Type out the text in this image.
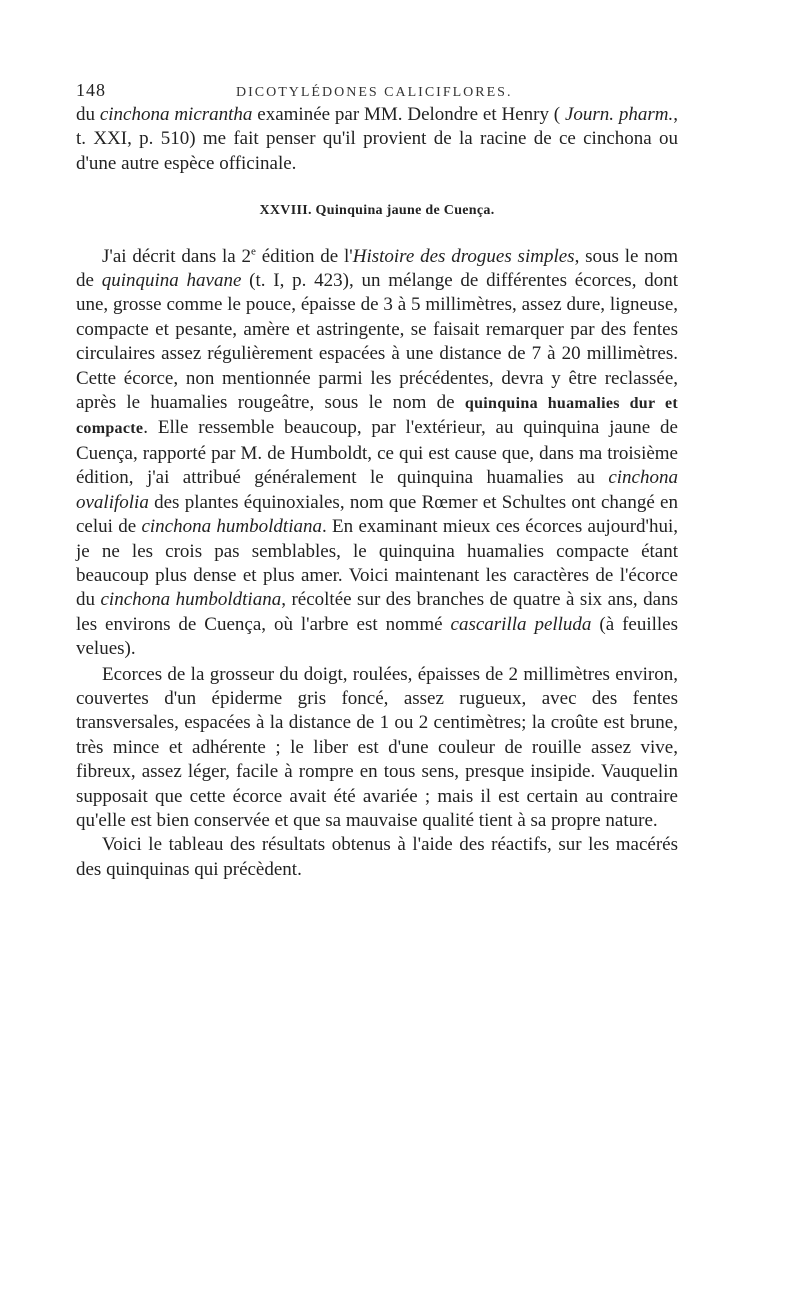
148	DICOTYLÉDONES CALICIFLORES.

du cinchona micrantha examinée par MM. Delondre et Henry ( Journ. pharm., t. XXI, p. 510) me fait penser qu'il provient de la racine de ce cinchona ou d'une autre espèce officinale.

XXVIII. Quinquina jaune de Cuença.

J'ai décrit dans la 2e édition de l'Histoire des drogues simples, sous le nom de quinquina havane (t. I, p. 423), un mélange de différentes écorces, dont une, grosse comme le pouce, épaisse de 3 à 5 millimètres, assez dure, ligneuse, compacte et pesante, amère et astringente, se faisait remarquer par des fentes circulaires assez régulièrement espacées à une distance de 7 à 20 millimètres. Cette écorce, non mentionnée parmi les précédentes, devra y être reclassée, après le huamalies rougeâtre, sous le nom de quinquina huamalies dur et compacte. Elle ressemble beaucoup, par l'extérieur, au quinquina jaune de Cuença, rapporté par M. de Humboldt, ce qui est cause que, dans ma troisième édition, j'ai attribué généralement le quinquina huamalies au cinchona ovalifolia des plantes équinoxiales, nom que Rœmer et Schultes ont changé en celui de cinchona humboldtiana. En examinant mieux ces écorces aujourd'hui, je ne les crois pas semblables, le quinquina huamalies compacte étant beaucoup plus dense et plus amer. Voici maintenant les caractères de l'écorce du cinchona humboldtiana, récoltée sur des branches de quatre à six ans, dans les environs de Cuença, où l'arbre est nommé cascarilla pelluda (à feuilles velues).

Ecorces de la grosseur du doigt, roulées, épaisses de 2 millimètres environ, couvertes d'un épiderme gris foncé, assez rugueux, avec des fentes transversales, espacées à la distance de 1 ou 2 centimètres; la croûte est brune, très mince et adhérente ; le liber est d'une couleur de rouille assez vive, fibreux, assez léger, facile à rompre en tous sens, presque insipide. Vauquelin supposait que cette écorce avait été avariée ; mais il est certain au contraire qu'elle est bien conservée et que sa mauvaise qualité tient à sa propre nature.

Voici le tableau des résultats obtenus à l'aide des réactifs, sur les macérés des quinquinas qui précèdent.
